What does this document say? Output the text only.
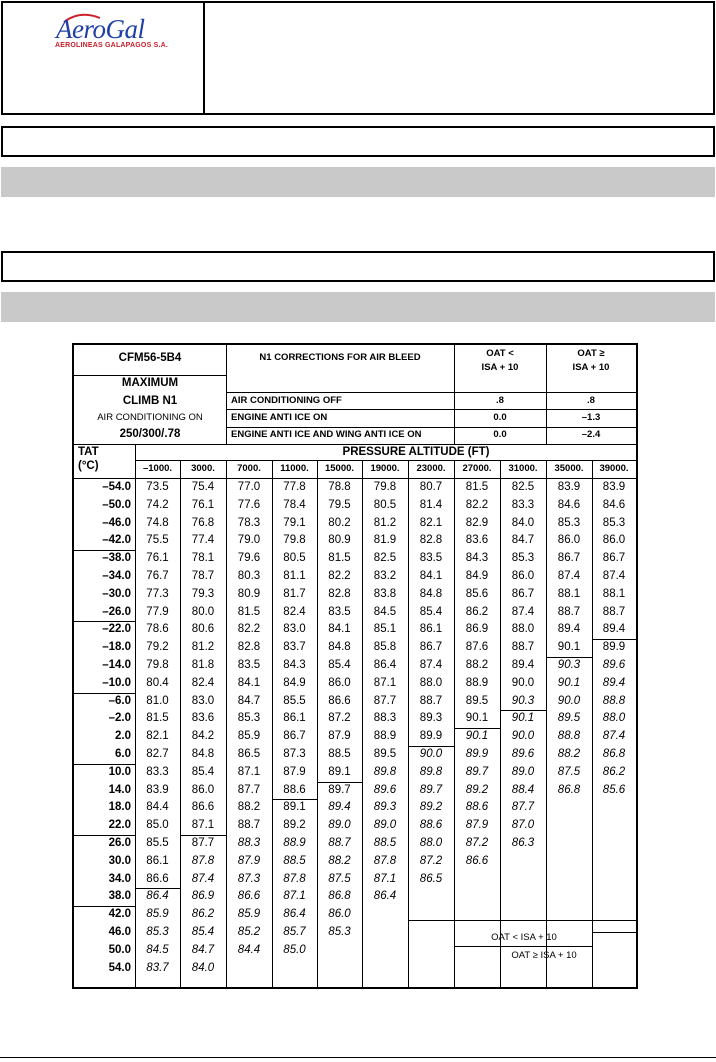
AeroGal
AEROLINEAS GALAPAGOS S.A.
CFM56-5B4
MAXIMUM
CLIMB N1
AIR CONDITIONING ON
250/300/.78
N1 CORRECTIONS FOR AIR BLEED	OAT <
ISA + 10
OAT ≥
ISA + 10
AIR CONDITIONING OFF	.8	.8
ENGINE ANTI ICE ON	0.0	–1.3
ENGINE ANTI ICE AND WING ANTI ICE ON	0.0	–2.4
TAT
(°C)
PRESSURE ALTITUDE (FT)
–1000. 3000. 7000. 11000. 15000. 19000. 23000. 27000. 31000. 35000. 39000.
–54.0 73.5 75.4 77.0 77.8 78.8 79.8 80.7 81.5 82.5 83.9 83.9
–50.0 74.2 76.1 77.6 78.4 79.5 80.5 81.4 82.2 83.3 84.6 84.6
–46.0 74.8 76.8 78.3 79.1 80.2 81.2 82.1 82.9 84.0 85.3 85.3
–42.0 75.5 77.4 79.0 79.8 80.9 81.9 82.8 83.6 84.7 86.0 86.0
–38.0 76.1 78.1 79.6 80.5 81.5 82.5 83.5 84.3 85.3 86.7 86.7
–34.0 76.7 78.7 80.3 81.1 82.2 83.2 84.1 84.9 86.0 87.4 87.4
–30.0 77.3 79.3 80.9 81.7 82.8 83.8 84.8 85.6 86.7 88.1 88.1
–26.0 77.9 80.0 81.5 82.4 83.5 84.5 85.4 86.2 87.4 88.7 88.7
–22.0 78.6 80.6 82.2 83.0 84.1 85.1 86.1 86.9 88.0 89.4 89.4
–18.0 79.2 81.2 82.8 83.7 84.8 85.8 86.7 87.6 88.7 90.1 89.9
–14.0 79.8 81.8 83.5 84.3 85.4 86.4 87.4 88.2 89.4 90.3 89.6
–10.0 80.4 82.4 84.1 84.9 86.0 87.1 88.0 88.9 90.0 90.1 89.4
–6.0 81.0 83.0 84.7 85.5 86.6 87.7 88.7 89.5 90.3 90.0 88.8
–2.0 81.5 83.6 85.3 86.1 87.2 88.3 89.3 90.1 90.1 89.5 88.0
2.0 82.1 84.2 85.9 86.7 87.9 88.9 89.9 90.1 90.0 88.8 87.4
6.0 82.7 84.8 86.5 87.3 88.5 89.5 90.0 89.9 89.6 88.2 86.8
10.0 83.3 85.4 87.1 87.9 89.1 89.8 89.8 89.7 89.0 87.5 86.2
14.0 83.9 86.0 87.7 88.6 89.7 89.6 89.7 89.2 88.4 86.8 85.6
18.0 84.4 86.6 88.2 89.1 89.4 89.3 89.2 88.6 87.7
22.0 85.0 87.1 88.7 89.2 89.0 89.0 88.6 87.9 87.0
26.0 85.5 87.7 88.3 88.9 88.7 88.5 88.0 87.2 86.3
30.0 86.1 87.8 87.9 88.5 88.2 87.8 87.2 86.6
34.0 86.6 87.4 87.3 87.8 87.5 87.1 86.5
38.0 86.4 86.9 86.6 87.1 86.8 86.4
42.0 85.9 86.2 85.9 86.4 86.0
46.0 85.3 85.4 85.2 85.7 85.3
50.0 84.5 84.7 84.4 85.0
54.0 83.7 84.0
OAT < ISA + 10
OAT ≥ ISA + 10
